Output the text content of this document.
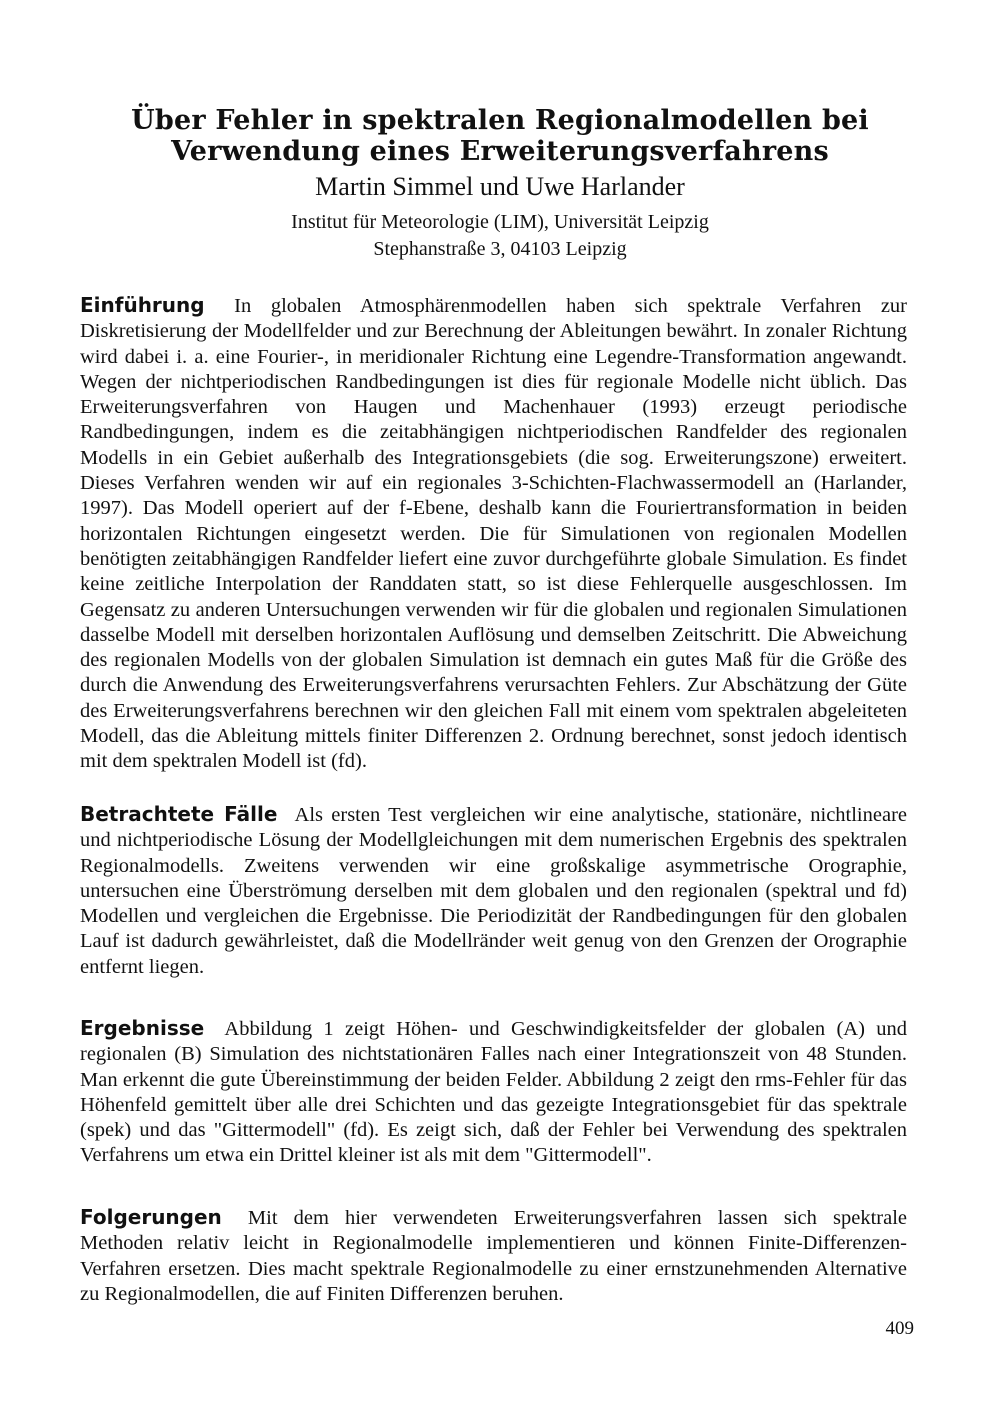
Über Fehler in spektralen Regionalmodellen bei
Verwendung eines Erweiterungsverfahrens
Martin Simmel und Uwe Harlander
Institut für Meteorologie (LIM), Universität Leipzig
Stephanstraße 3, 04103 Leipzig

Einführung In globalen Atmosphärenmodellen haben sich spektrale Verfahren zur Diskretisierung der Modellfelder und zur Berechnung der Ableitungen bewährt. In zonaler Richtung wird dabei i. a. eine Fourier-, in meridionaler Richtung eine Legendre-Transformation angewandt. Wegen der nichtperiodischen Randbedingungen ist dies für regionale Modelle nicht üblich. Das Erweiterungsverfahren von Haugen und Machenhauer (1993) erzeugt periodische Randbedingungen, indem es die zeitabhängigen nichtperiodischen Randfelder des regionalen Modells in ein Gebiet außerhalb des Integrationsgebiets (die sog. Erweiterungszone) erweitert. Dieses Verfahren wenden wir auf ein regionales 3-Schichten-Flachwassermodell an (Harlander, 1997). Das Modell operiert auf der f-Ebene, deshalb kann die Fouriertransformation in beiden horizontalen Richtungen eingesetzt werden. Die für Simulationen von regionalen Modellen benötigten zeitabhängigen Randfelder liefert eine zuvor durchgeführte globale Simulation. Es findet keine zeitliche Interpolation der Randdaten statt, so ist diese Fehlerquelle ausgeschlossen. Im Gegensatz zu anderen Untersuchungen verwenden wir für die globalen und regionalen Simulationen dasselbe Modell mit derselben horizontalen Auflösung und demselben Zeitschritt. Die Abweichung des regionalen Modells von der globalen Simulation ist demnach ein gutes Maß für die Größe des durch die Anwendung des Erweiterungsverfahrens verursachten Fehlers. Zur Abschätzung der Güte des Erweiterungsverfahrens berechnen wir den gleichen Fall mit einem vom spektralen abgeleiteten Modell, das die Ableitung mittels finiter Differenzen 2. Ordnung berechnet, sonst jedoch identisch mit dem spektralen Modell ist (fd).

Betrachtete Fälle Als ersten Test vergleichen wir eine analytische, stationäre, nichtlineare und nichtperiodische Lösung der Modellgleichungen mit dem numerischen Ergebnis des spektralen Regionalmodells. Zweitens verwenden wir eine großskalige asymmetrische Orographie, untersuchen eine Überströmung derselben mit dem globalen und den regionalen (spektral und fd) Modellen und vergleichen die Ergebnisse. Die Periodizität der Randbedingungen für den globalen Lauf ist dadurch gewährleistet, daß die Modellränder weit genug von den Grenzen der Orographie entfernt liegen.

Ergebnisse Abbildung 1 zeigt Höhen- und Geschwindigkeitsfelder der globalen (A) und regionalen (B) Simulation des nichtstationären Falles nach einer Integrationszeit von 48 Stunden. Man erkennt die gute Übereinstimmung der beiden Felder. Abbildung 2 zeigt den rms-Fehler für das Höhenfeld gemittelt über alle drei Schichten und das gezeigte Integrationsgebiet für das spektrale (spek) und das "Gittermodell" (fd). Es zeigt sich, daß der Fehler bei Verwendung des spektralen Verfahrens um etwa ein Drittel kleiner ist als mit dem "Gittermodell".

Folgerungen Mit dem hier verwendeten Erweiterungsverfahren lassen sich spektrale Methoden relativ leicht in Regionalmodelle implementieren und können Finite-Differenzen-Verfahren ersetzen. Dies macht spektrale Regionalmodelle zu einer ernstzunehmenden Alternative zu Regionalmodellen, die auf Finiten Differenzen beruhen.

409
